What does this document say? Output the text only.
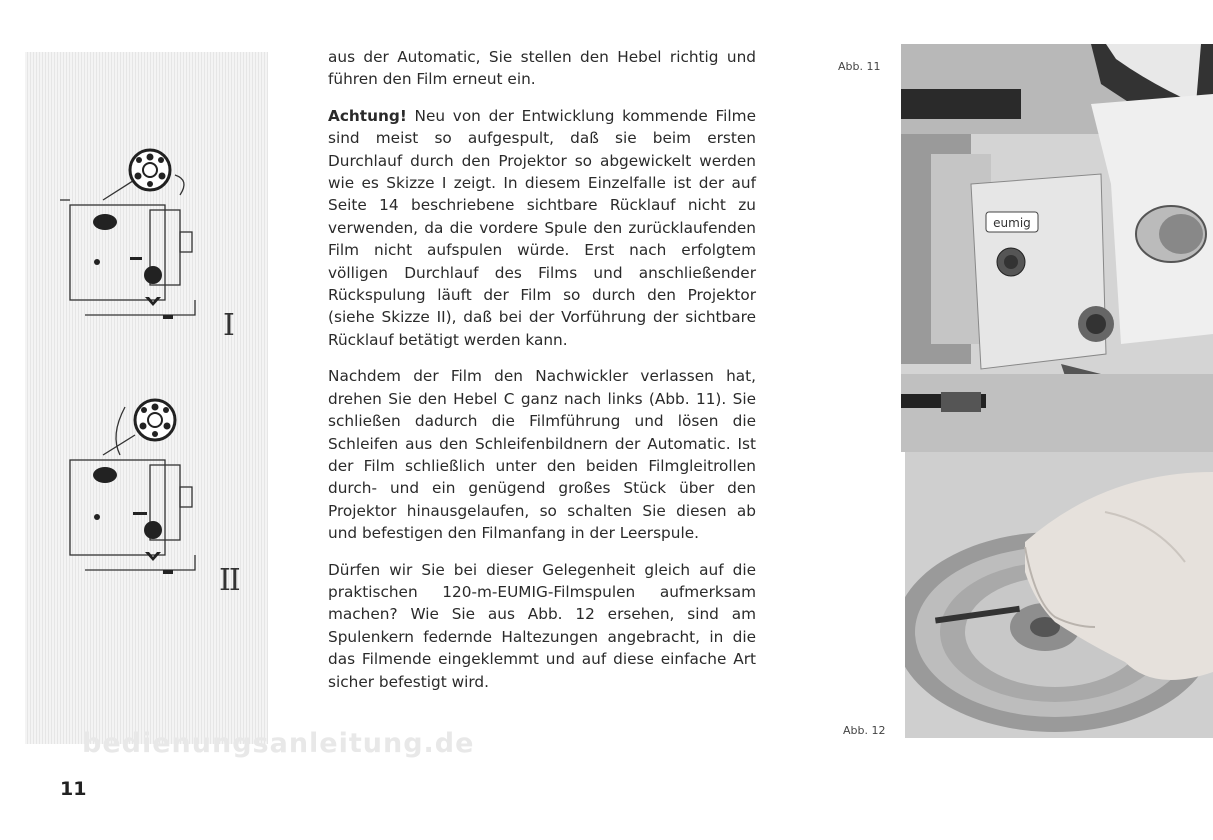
I
II
bedienungsanleitung.de
11

aus der Automatic, Sie stellen den Hebel richtig und führen den Film erneut ein.

Achtung! Neu von der Entwicklung kommende Filme sind meist so aufgespult, daß sie beim ersten Durchlauf durch den Projektor so abgewickelt werden wie es Skizze I zeigt. In diesem Einzelfalle ist der auf Seite 14 beschriebene sichtbare Rücklauf nicht zu verwenden, da die vordere Spule den zurücklaufenden Film nicht aufspulen würde. Erst nach erfolgtem völligen Durchlauf des Films und anschließender Rückspulung läuft der Film so durch den Projektor (siehe Skizze II), daß bei der Vorführung der sichtbare Rücklauf betätigt werden kann.

Nachdem der Film den Nachwickler verlassen hat, drehen Sie den Hebel C ganz nach links (Abb. 11). Sie schließen dadurch die Filmführung und lösen die Schleifen aus den Schleifenbildnern der Automatic. Ist der Film schließlich unter den beiden Filmgleitrollen durch- und ein genügend großes Stück über den Projektor hinausgelaufen, so schalten Sie diesen ab und befestigen den Filmanfang in der Leerspule.

Dürfen wir Sie bei dieser Gelegenheit gleich auf die praktischen 120-m-EUMIG-Filmspulen aufmerksam machen? Wie Sie aus Abb. 12 ersehen, sind am Spulenkern federnde Haltezungen angebracht, in die das Filmende eingeklemmt und auf diese einfache Art sicher befestigt wird.

Abb. 11
Abb. 12
eumig
